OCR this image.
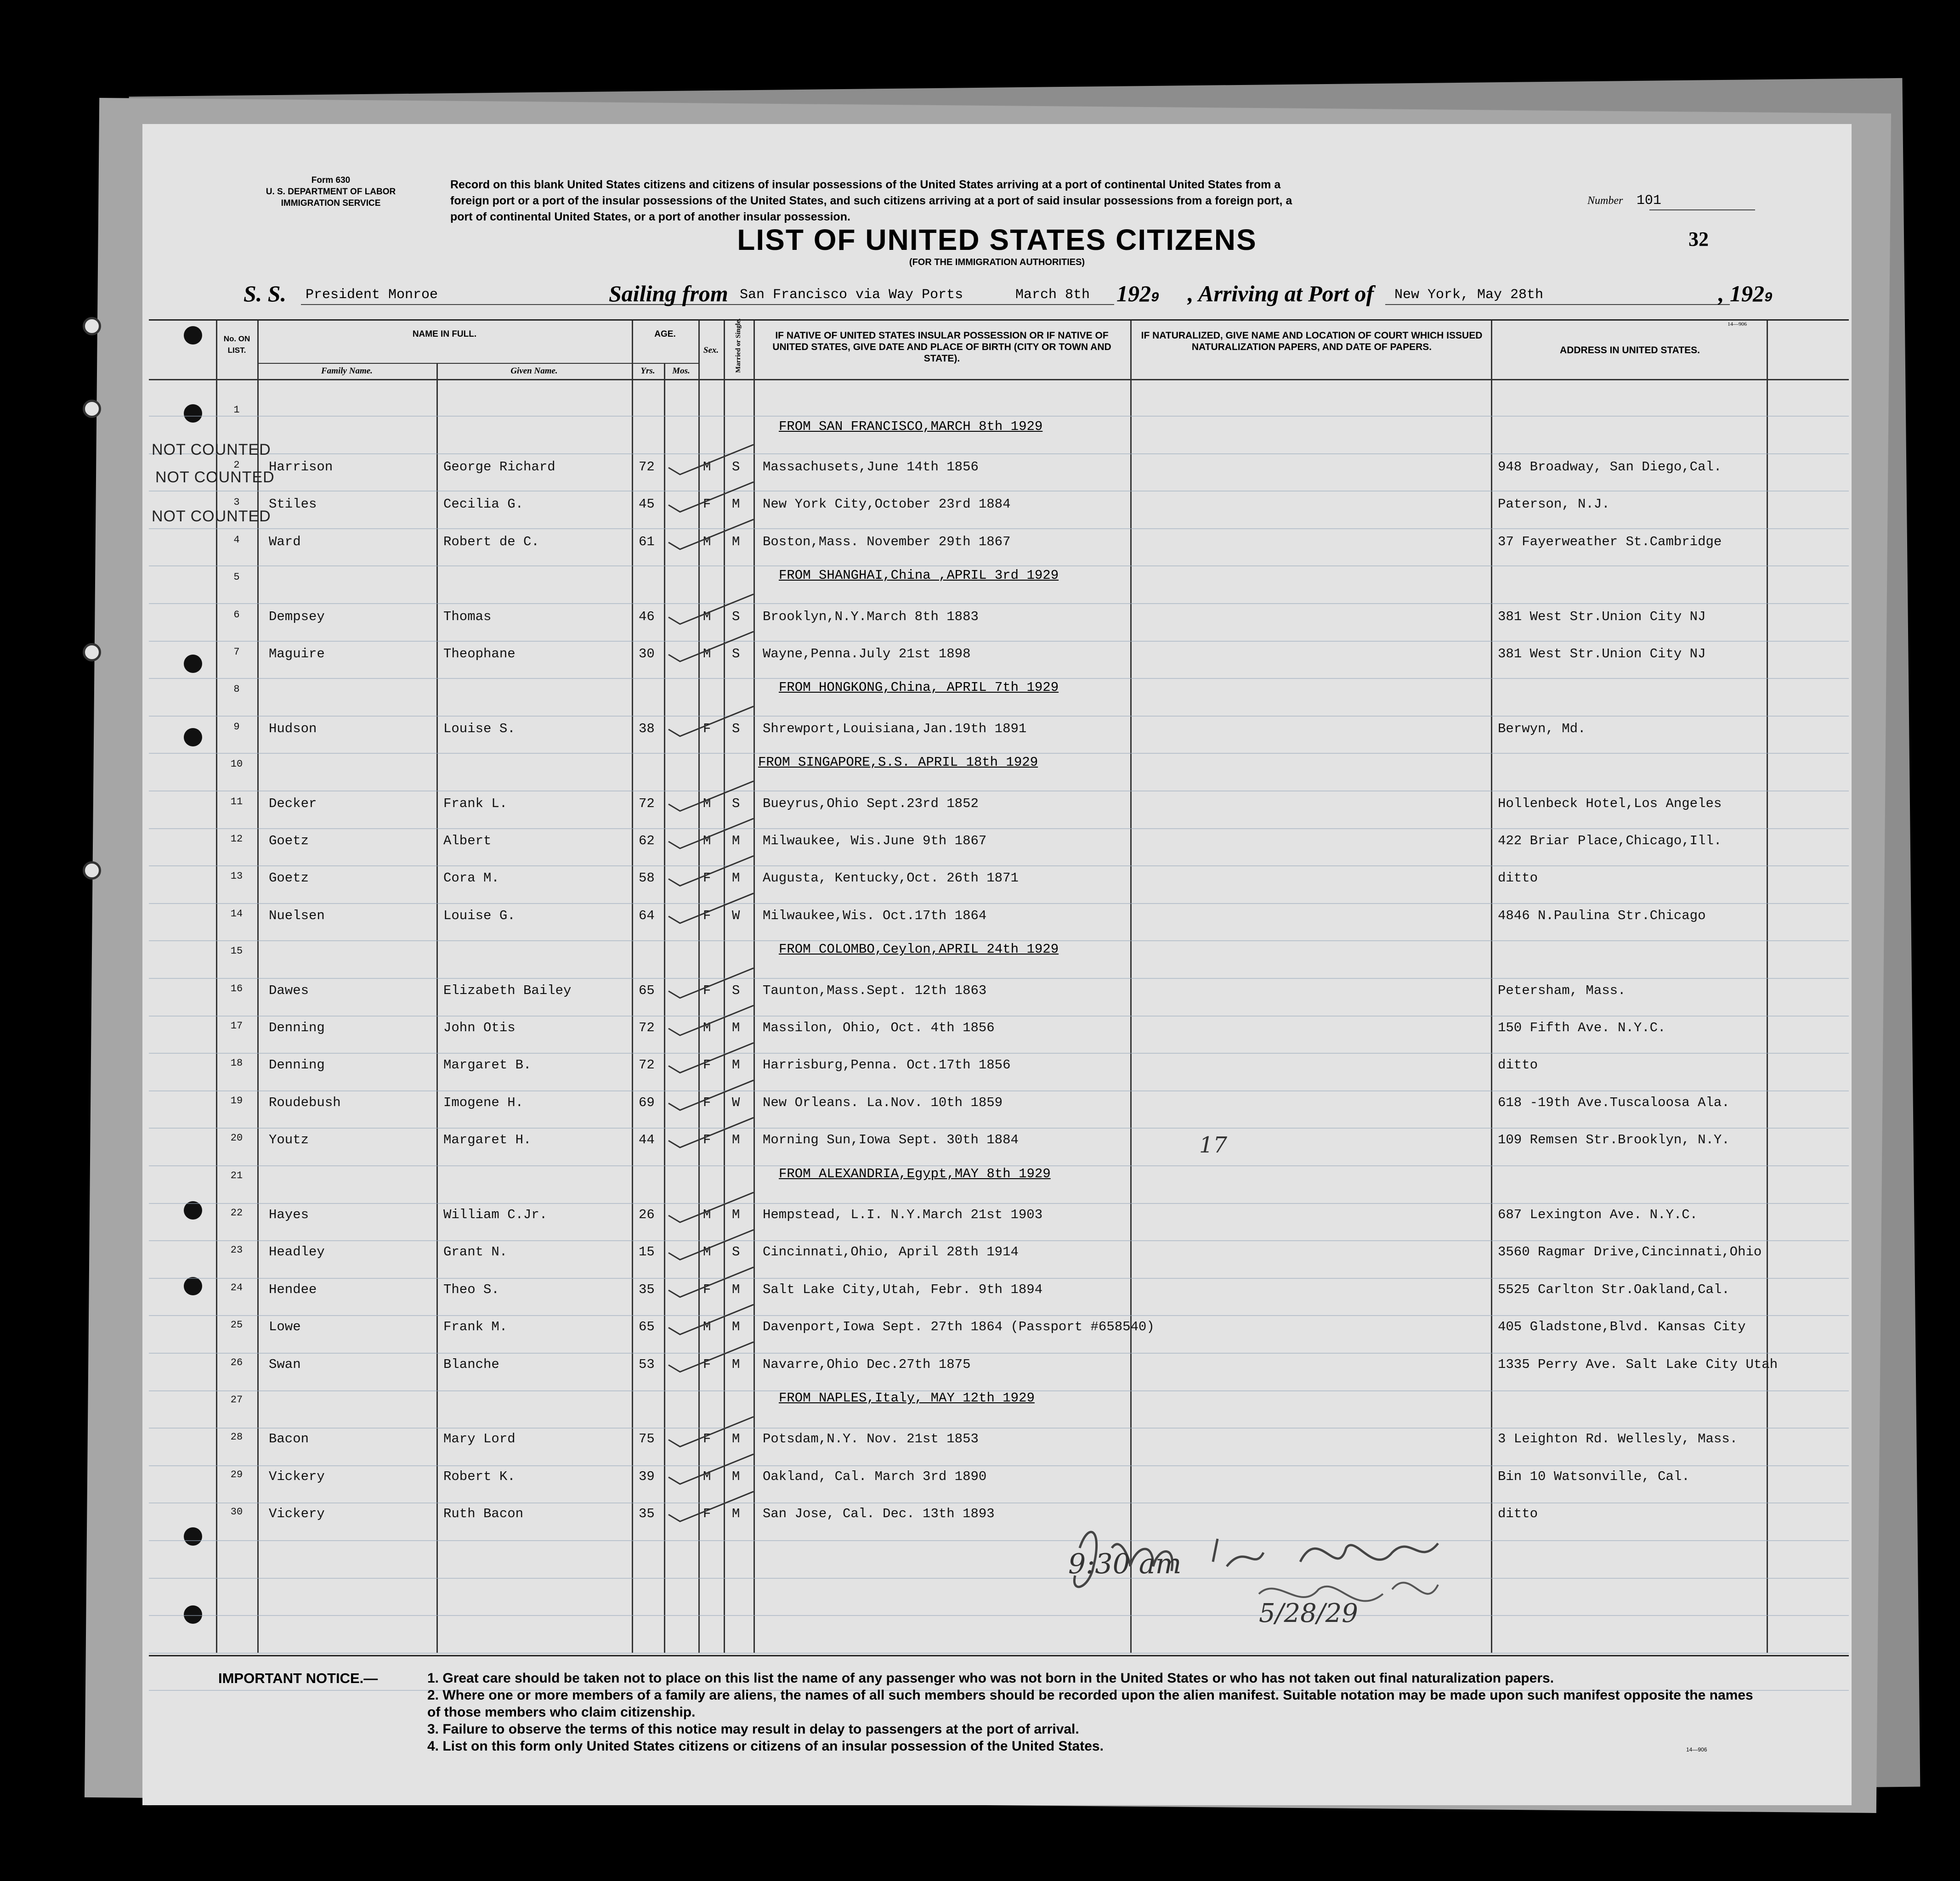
Form 630
U. S. DEPARTMENT OF LABOR
IMMIGRATION SERVICE
Record on this blank United States citizens and citizens of insular possessions of the United States arriving at a port of continental United States from a
foreign port or a port of the insular possessions of the United States, and such citizens arriving at a port of said insular possessions from a foreign port, a
port of continental United States, or a port of another insular possession.
Number 101
LIST OF UNITED STATES CITIZENS
(FOR THE IMMIGRATION AUTHORITIES)
32
S. S. President Monroe	Sailing from San Francisco via Way Ports	March 8th 1929 , Arriving at Port of New York, May 28th	, 1929
No. ON LIST.
NAME IN FULL.
Family Name.	Given Name.
AGE.
Yrs.	Mos.
Sex.	Married or Single.	IF NATIVE OF UNITED STATES INSULAR POSSESSION OR IF NATIVE OF UNITED STATES, GIVE DATE AND PLACE OF BIRTH (CITY OR TOWN AND STATE).
IF NATURALIZED, GIVE NAME AND LOCATION OF COURT WHICH ISSUED NATURALIZATION PAPERS, AND DATE OF PAPERS.	ADDRESS IN UNITED STATES.
14—906
1
FROM SAN FRANCISCO,MARCH 8th 1929
2	Harrison	George Richard	72	M S Massachusets,June 14th 1856	948 Broadway, San Diego,Cal.
3	Stiles	Cecilia G.	45	F M New York City,October 23rd 1884	Paterson, N.J.
4	Ward	Robert de C.	61	M M Boston,Mass. November 29th 1867	37 Fayerweather St.Cambridge
5	FROM SHANGHAI,China ,APRIL 3rd 1929
6	Dempsey	Thomas	46	M S Brooklyn,N.Y.March 8th 1883	381 West Str.Union City NJ
7	Maguire	Theophane	30	M S Wayne,Penna.July 21st 1898	381 West Str.Union City NJ
8	FROM HONGKONG,China, APRIL 7th 1929
9	Hudson	Louise S.	38	F S Shrewport,Louisiana,Jan.19th 1891	Berwyn, Md.
10	FROM SINGAPORE,S.S. APRIL 18th 1929
11	Decker	Frank L.	72	M S Bueyrus,Ohio Sept.23rd 1852	Hollenbeck Hotel,Los Angeles
12	Goetz	Albert	62	M M Milwaukee, Wis.June 9th 1867	422 Briar Place,Chicago,Ill.
13	Goetz	Cora M.	58	F M Augusta, Kentucky,Oct. 26th 1871	ditto
14	Nuelsen	Louise G.	64	F W Milwaukee,Wis. Oct.17th 1864	4846 N.Paulina Str.Chicago
15	FROM COLOMBO,Ceylon,APRIL 24th 1929
16	Dawes	Elizabeth Bailey	65	F S Taunton,Mass.Sept. 12th 1863	Petersham, Mass.
17	Denning	John Otis	72	M M Massilon, Ohio, Oct. 4th 1856	150 Fifth Ave. N.Y.C.
18	Denning	Margaret B.	72	F M Harrisburg,Penna. Oct.17th 1856	ditto
19	Roudebush	Imogene H.	69	F W New Orleans. La.Nov. 10th 1859	618 -19th Ave.Tuscaloosa Ala.
20	Youtz	Margaret H.	44	F M Morning Sun,Iowa Sept. 30th 1884	109 Remsen Str.Brooklyn, N.Y.
21	FROM ALEXANDRIA,Egypt,MAY 8th 1929
22	Hayes	William C.Jr.	26	M M Hempstead, L.I. N.Y.March 21st 1903	687 Lexington Ave. N.Y.C.
23	Headley	Grant N.	15	M S Cincinnati,Ohio, April 28th 1914	3560 Ragmar Drive,Cincinnati,Ohio
24	Hendee	Theo S.	35	F M Salt Lake City,Utah, Febr. 9th 1894	5525 Carlton Str.Oakland,Cal.
25	Lowe	Frank M.	65	M M Davenport,Iowa Sept. 27th 1864 (Passport #658540)	405 Gladstone,Blvd. Kansas City
26	Swan	Blanche	53	F M Navarre,Ohio Dec.27th 1875	1335 Perry Ave. Salt Lake City Utah
27	FROM NAPLES,Italy, MAY 12th 1929
28	Bacon	Mary Lord	75	F M Potsdam,N.Y. Nov. 21st 1853	3 Leighton Rd. Wellesly, Mass.
29	Vickery	Robert K.	39	M M Oakland, Cal. March 3rd 1890	Bin 10 Watsonville, Cal.
30	Vickery	Ruth Bacon	35	F M San Jose, Cal. Dec. 13th 1893	ditto
NOT COUNTED
NOT COUNTED
NOT COUNTED
17
9:30 am
5/28/29
IMPORTANT NOTICE.—	1. Great care should be taken not to place on this list the name of any passenger who was not born in the United States or who has not taken out final naturalization papers.
2. Where one or more members of a family are aliens, the names of all such members should be recorded upon the alien manifest. Suitable notation may be made upon such manifest opposite the names of those members who claim citizenship.
3. Failure to observe the terms of this notice may result in delay to passengers at the port of arrival.
4. List on this form only United States citizens or citizens of an insular possession of the United States.	14—906
